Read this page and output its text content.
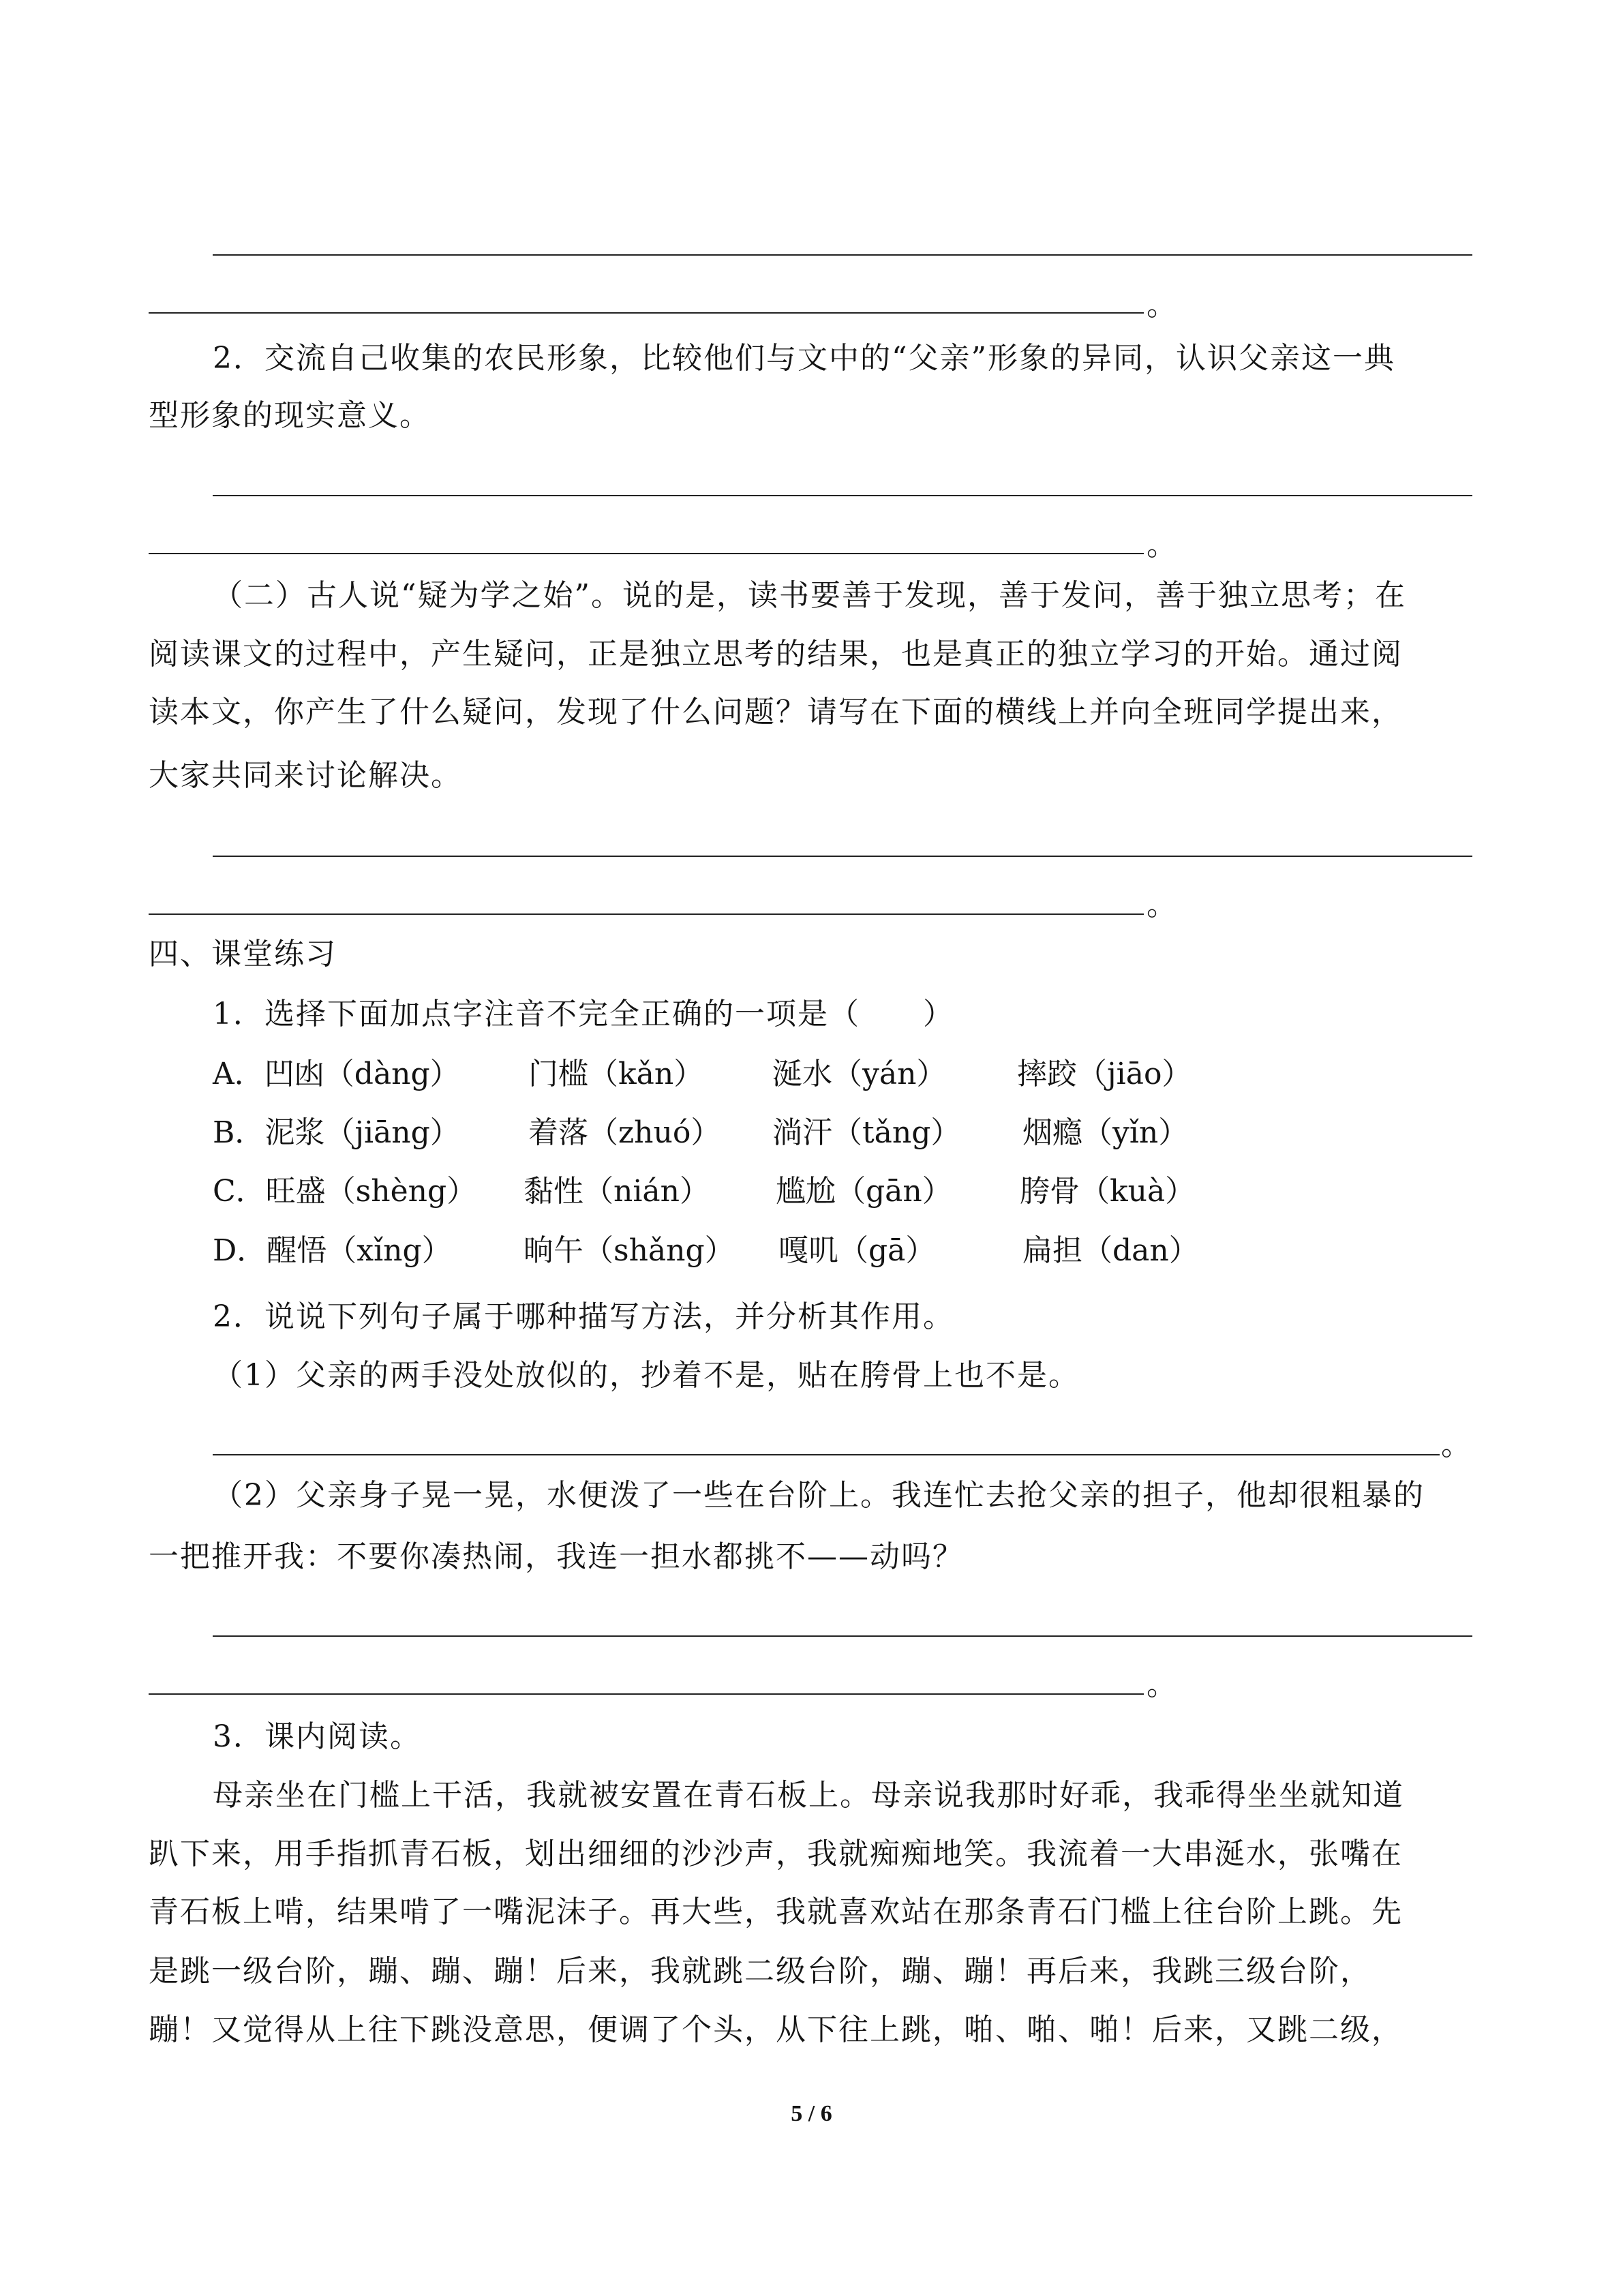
。
2．交流自己收集的农民形象，比较他们与文中的“父亲”形象的异同，认识父亲这一典
型形象的现实意义。
。
（二）古人说“疑为学之始”。说的是，读书要善于发现，善于发问，善于独立思考；在
阅读课文的过程中，产生疑问，正是独立思考的结果，也是真正的独立学习的开始。通过阅
读本文，你产生了什么疑问，发现了什么问题？请写在下面的横线上并向全班同学提出来，
大家共同来讨论解决。
。
四、课堂练习
1．选择下面加点字注音不完全正确的一项是（　　）
A．凹凼（dàng） 门槛（kǎn） 涎水（yán） 摔跤（jiāo）
B．泥浆（jiāng） 着落（zhuó） 淌汗（tǎng） 烟瘾（yǐn）
C．旺盛（shèng） 黏性（nián） 尴尬（gān） 胯骨（kuà）
D．醒悟（xǐng） 晌午（shǎng） 嘎叽（gā）	扁担（dan）
2．说说下列句子属于哪种描写方法，并分析其作用。
（1）父亲的两手没处放似的，抄着不是，贴在胯骨上也不是。
。
（2）父亲身子晃一晃，水便泼了一些在台阶上。我连忙去抢父亲的担子，他却很粗暴的
一把推开我：不要你凑热闹，我连一担水都挑不——动吗？
。
3．课内阅读。
母亲坐在门槛上干活，我就被安置在青石板上。母亲说我那时好乖，我乖得坐坐就知道
趴下来，用手指抓青石板，划出细细的沙沙声，我就痴痴地笑。我流着一大串涎水，张嘴在
青石板上啃，结果啃了一嘴泥沫子。再大些，我就喜欢站在那条青石门槛上往台阶上跳。先
是跳一级台阶，蹦、蹦、蹦！后来，我就跳二级台阶，蹦、蹦！再后来，我跳三级台阶，
蹦！又觉得从上往下跳没意思，便调了个头，从下往上跳，啪、啪、啪！后来，又跳二级，
5 / 6
